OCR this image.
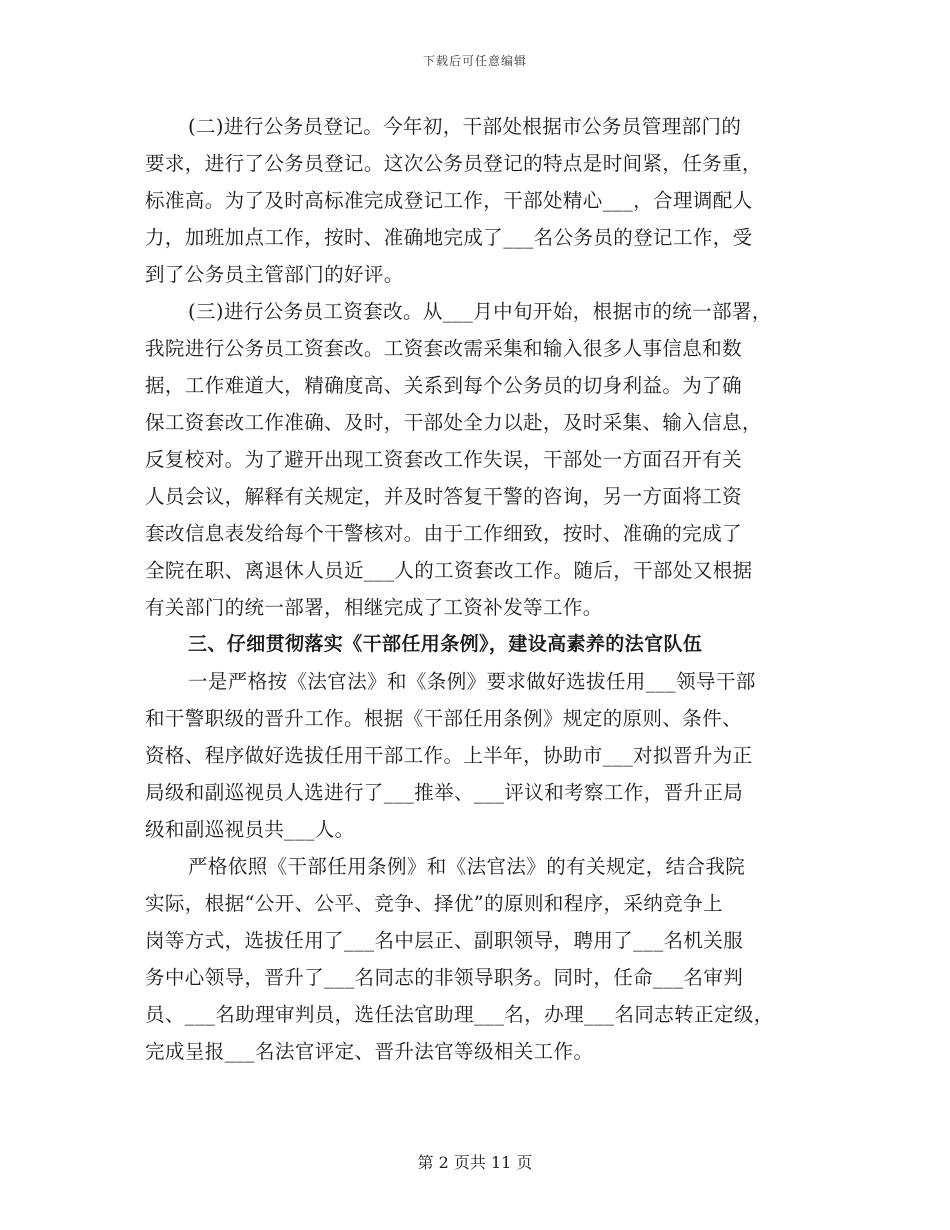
下载后可任意编辑
(二)进行公务员登记。今年初，干部处根据市公务员管理部门的
要求，进行了公务员登记。这次公务员登记的特点是时间紧，任务重，
标准高。为了及时高标准完成登记工作，干部处精心___，合理调配人
力，加班加点工作，按时、准确地完成了___名公务员的登记工作，受
到了公务员主管部门的好评。
(三)进行公务员工资套改。从___月中旬开始，根据市的统一部署，
我院进行公务员工资套改。工资套改需采集和输入很多人事信息和数
据，工作难道大，精确度高、关系到每个公务员的切身利益。为了确
保工资套改工作准确、及时，干部处全力以赴，及时采集、输入信息，
反复校对。为了避开出现工资套改工作失误，干部处一方面召开有关
人员会议，解释有关规定，并及时答复干警的咨询，另一方面将工资
套改信息表发给每个干警核对。由于工作细致，按时、准确的完成了
全院在职、离退休人员近___人的工资套改工作。随后，干部处又根据
有关部门的统一部署，相继完成了工资补发等工作。
三、仔细贯彻落实《干部任用条例》，建设高素养的法官队伍
一是严格按《法官法》和《条例》要求做好选拔任用___领导干部
和干警职级的晋升工作。根据《干部任用条例》规定的原则、条件、
资格、程序做好选拔任用干部工作。上半年，协助市___对拟晋升为正
局级和副巡视员人选进行了___推举、___评议和考察工作，晋升正局
级和副巡视员共___人。
严格依照《干部任用条例》和《法官法》的有关规定，结合我院
实际，根据“公开、公平、竞争、择优”的原则和程序，采纳竞争上
岗等方式，选拔任用了___名中层正、副职领导，聘用了___名机关服
务中心领导，晋升了___名同志的非领导职务。同时，任命___名审判
员、___名助理审判员，选任法官助理___名，办理___名同志转正定级，
完成呈报___名法官评定、晋升法官等级相关工作。
第 2 页共 11 页
